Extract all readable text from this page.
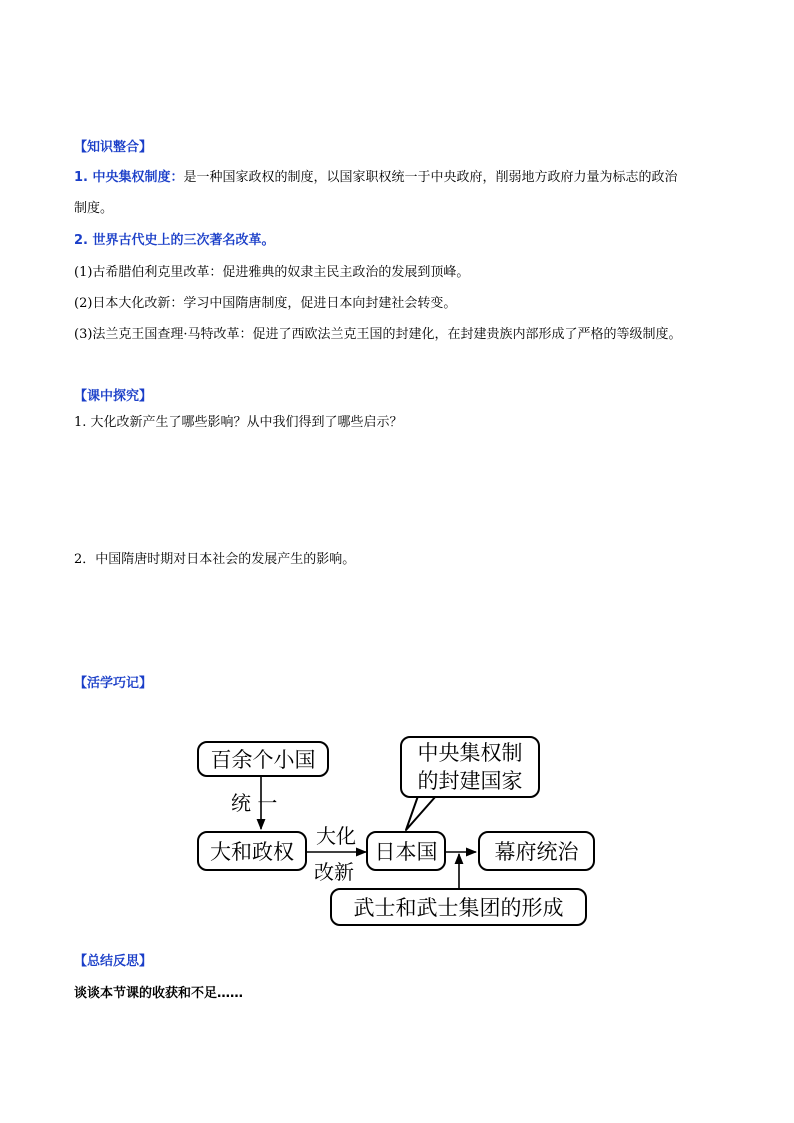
【知识整合】
1. 中央集权制度：是一种国家政权的制度，以国家职权统一于中央政府，削弱地方政府力量为标志的政治
制度。
2. 世界古代史上的三次著名改革。
(1)古希腊伯利克里改革：促进雅典的奴隶主民主政治的发展到顶峰。
(2)日本大化改新：学习中国隋唐制度，促进日本向封建社会转变。
(3)法兰克王国查理·马特改革：促进了西欧法兰克王国的封建化，在封建贵族内部形成了严格的等级制度。
【课中探究】
1. 大化改新产生了哪些影响？从中我们得到了哪些启示？
2．中国隋唐时期对日本社会的发展产生的影响。
【活学巧记】
百余个小国
统 一
大和政权
大化
改新
日本国	幕府统治
中央集权制
的封建国家
武士和武士集团的形成
【总结反思】
谈谈本节课的收获和不足……
